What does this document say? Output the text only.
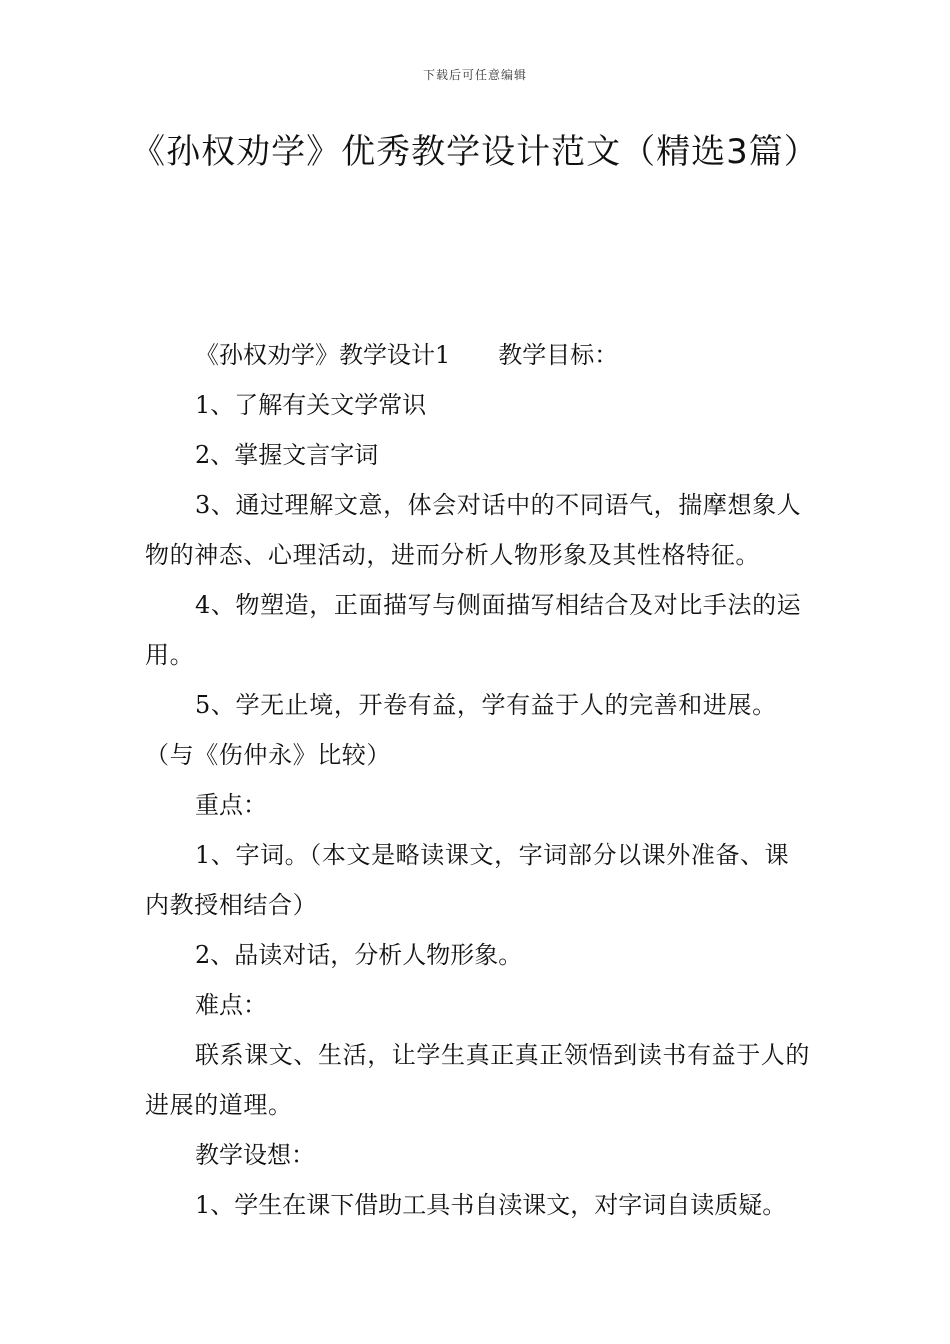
下载后可任意编辑
《孙权劝学》优秀教学设计范文（精选3篇）

《孙权劝学》教学设计1 教学目标：

1、了解有关文学常识

2、掌握文言字词

3、通过理解文意，体会对话中的不同语气，揣摩想象人物的神态、心理活动，进而分析人物形象及其性格特征。

4、物塑造，正面描写与侧面描写相结合及对比手法的运用。

5、学无止境，开卷有益，学有益于人的完善和进展。（与《伤仲永》比较）

重点：

1、字词。（本文是略读课文，字词部分以课外准备、课内教授相结合）

2、品读对话，分析人物形象。

难点：

联系课文、生活，让学生真正真正领悟到读书有益于人的进展的道理。

教学设想：

1、学生在课下借助工具书自渎课文，对字词自读质疑。
